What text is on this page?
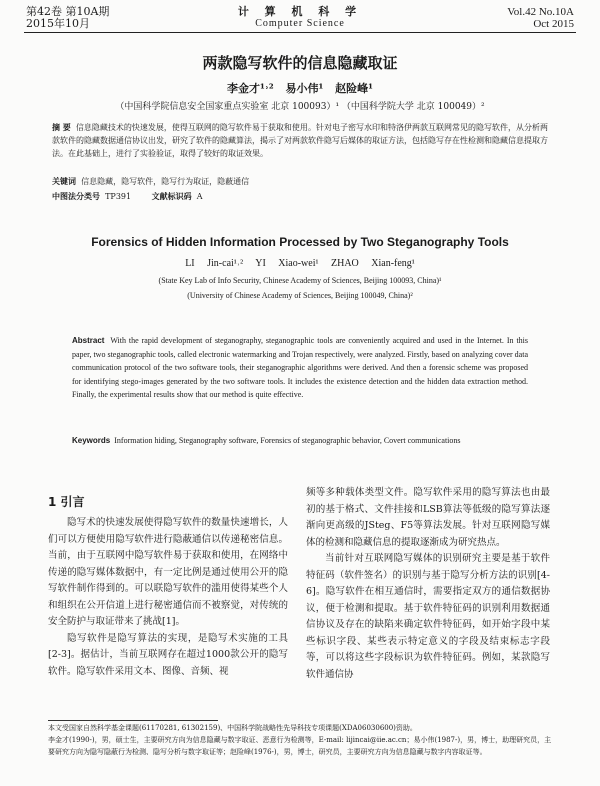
第42卷 第10A期
2015年10月
计 算 机 科 学
Computer Science
Vol.42 No.10A
Oct 2015
两款隐写软件的信息隐藏取证
李金才¹˒² 易小伟¹ 赵险峰¹
（中国科学院信息安全国家重点实验室 北京 100093）¹ （中国科学院大学 北京 100049）²
摘 要 信息隐藏技术的快速发展，使得互联网的隐写软件易于获取和使用。针对电子密写水印和特洛伊两款互联网常见的隐写软件，从分析两款软件的隐藏数据通信协议出发，研究了软件的隐藏算法，揭示了对两款软件隐写后媒体的取证方法，包括隐写存在性检测和隐藏信息提取方法。在此基础上，进行了实验验证，取得了较好的取证效果。
关键词 信息隐藏，隐写软件，隐写行为取证，隐蔽通信
中图法分类号 TP391	文献标识码 A
Forensics of Hidden Information Processed by Two Steganography Tools
LI Jin-cai¹˒² YI Xiao-wei¹ ZHAO Xian-feng¹
(State Key Lab of Info Security, Chinese Academy of Sciences, Beijing 100093, China)¹
(University of Chinese Academy of Sciences, Beijing 100049, China)²
Abstract With the rapid development of steganography, steganographic tools are conveniently acquired and used in the Internet. In this paper, two steganographic tools, called electronic watermarking and Trojan respectively, were analyzed. Firstly, based on analyzing cover data communication protocol of the two software tools, their steganographic algorithms were derived. And then a forensic scheme was proposed for identifying stego-images generated by the two software tools. It includes the existence detection and the hidden data extraction method. Finally, the experimental results show that our method is quite effective.
Keywords Information hiding, Steganography software, Forensics of steganographic behavior, Covert communications
1 引言

隐写术的快速发展使得隐写软件的数量快速增长，人们可以方便使用隐写软件进行隐蔽通信以传递秘密信息。当前，由于互联网中隐写软件易于获取和使用，在网络中传递的隐写媒体数据中，有一定比例是通过使用公开的隐写软件制作得到的。可以联隐写软件的滥用使得某些个人和组织在公开信道上进行秘密通信而不被察觉，对传统的安全防护与取证带来了挑战[1]。

隐写软件是隐写算法的实现，是隐写术实施的工具[2-3]。据估计，当前互联网存在超过1000款公开的隐写软件。隐写软件采用文本、图像、音频、视

频等多种载体类型文件。隐写软件采用的隐写算法也由最初的基于格式、文件挂接和LSB算法等低级的隐写算法逐渐向更高级的JSteg、F5等算法发展。针对互联网隐写媒体的检测和隐藏信息的提取逐渐成为研究热点。

当前针对互联网隐写媒体的识别研究主要是基于软件特征码（软件签名）的识别与基于隐写分析方法的识别[4-6]。隐写软件在相互通信时，需要指定双方的通信数据协议，便于检测和提取。基于软件特征码的识别利用数据通信协议及存在的缺陷来确定软件特征码，如开始字段中某些标识字段、某些表示特定意义的字段及结束标志字段等，可以将这些字段标识为软件特征码。例如，某款隐写软件通信协

本文受国家自然科学基金课题(61170281, 61302159)、中国科学院战略性先导科技专项课题(XDA06030600)资助。

李金才(1990-)，男，硕士生，主要研究方向为信息隐藏与数字取证、恶意行为检测等，E-mail: lijincai@iie.ac.cn；易小伟(1987-)，男，博士，助理研究员，主要研究方向为隐写隐蔽行为检测、隐写分析与数字取证等；赵险峰(1976-)，男，博士，研究员，主要研究方向为信息隐藏与数字内容取证等。
